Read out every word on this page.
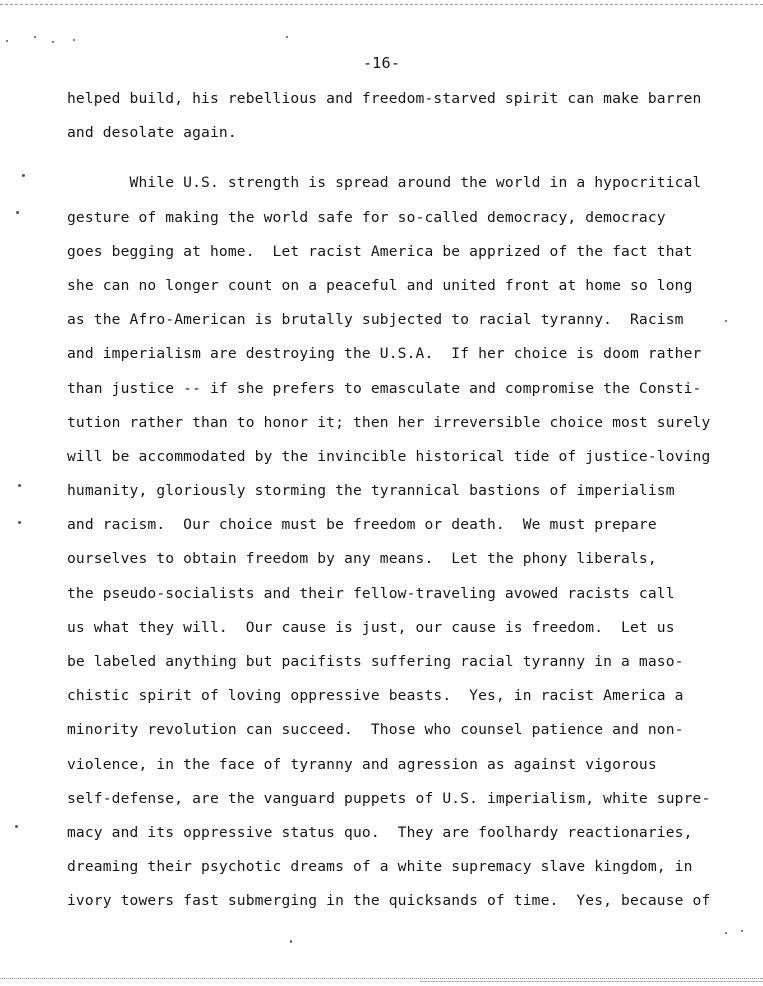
-16-
helped build, his rebellious and freedom-starved spirit can make barren
and desolate again.
While U.S. strength is spread around the world in a hypocritical
gesture of making the world safe for so-called democracy, democracy
goes begging at home.  Let racist America be apprized of the fact that
she can no longer count on a peaceful and united front at home so long
as the Afro-American is brutally subjected to racial tyranny.  Racism
and imperialism are destroying the U.S.A.  If her choice is doom rather
than justice -- if she prefers to emasculate and compromise the Consti-
tution rather than to honor it; then her irreversible choice most surely
will be accommodated by the invincible historical tide of justice-loving
humanity, gloriously storming the tyrannical bastions of imperialism
and racism.  Our choice must be freedom or death.  We must prepare
ourselves to obtain freedom by any means.  Let the phony liberals,
the pseudo-socialists and their fellow-traveling avowed racists call
us what they will.  Our cause is just, our cause is freedom.  Let us
be labeled anything but pacifists suffering racial tyranny in a maso-
chistic spirit of loving oppressive beasts.  Yes, in racist America a
minority revolution can succeed.  Those who counsel patience and non-
violence, in the face of tyranny and agression as against vigorous
self-defense, are the vanguard puppets of U.S. imperialism, white supre-
macy and its oppressive status quo.  They are foolhardy reactionaries,
dreaming their psychotic dreams of a white supremacy slave kingdom, in
ivory towers fast submerging in the quicksands of time.  Yes, because of
